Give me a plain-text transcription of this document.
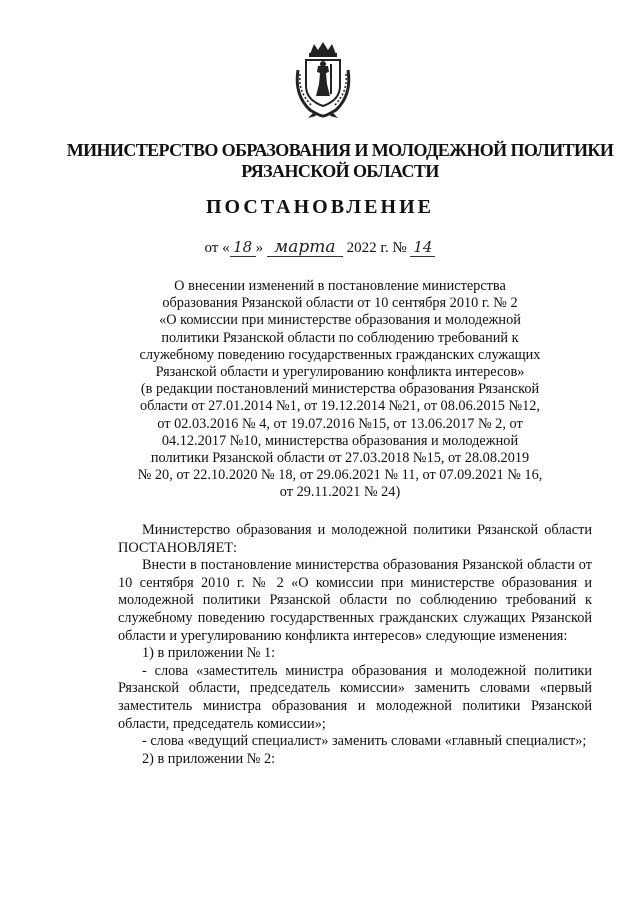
МИНИСТЕРСТВО ОБРАЗОВАНИЯ И МОЛОДЕЖНОЙ ПОЛИТИКИ
РЯЗАНСКОЙ ОБЛАСТИ
ПОСТАНОВЛЕНИЕ
от « 18 » марта 2022 г. № 14
О внесении изменений в постановление министерства
образования Рязанской области от 10 сентября 2010 г. № 2
«О комиссии при министерстве образования и молодежной
политики Рязанской области по соблюдению требований к
служебному поведению государственных гражданских служащих
Рязанской области и урегулированию конфликта интересов»
(в редакции постановлений министерства образования Рязанской
области от 27.01.2014 №1, от 19.12.2014 №21, от 08.06.2015 №12,
от 02.03.2016 № 4, от 19.07.2016 №15, от 13.06.2017 № 2, от
04.12.2017 №10, министерства образования и молодежной
политики Рязанской области от 27.03.2018 №15, от 28.08.2019
№ 20, от 22.10.2020 № 18, от 29.06.2021 № 11, от 07.09.2021 № 16,
от 29.11.2021 № 24)

Министерство образования и молодежной политики Рязанской области ПОСТАНОВЛЯЕТ:

Внести в постановление министерства образования Рязанской области от 10 сентября 2010 г. № 2 «О комиссии при министерстве образования и молодежной политики Рязанской области по соблюдению требований к служебному поведению государственных гражданских служащих Рязанской области и урегулированию конфликта интересов» следующие изменения:

1) в приложении № 1:

- слова «заместитель министра образования и молодежной политики Рязанской области, председатель комиссии» заменить словами «первый заместитель министра образования и молодежной политики Рязанской области, председатель комиссии»;

- слова «ведущий специалист» заменить словами «главный специалист»;

2) в приложении № 2:
